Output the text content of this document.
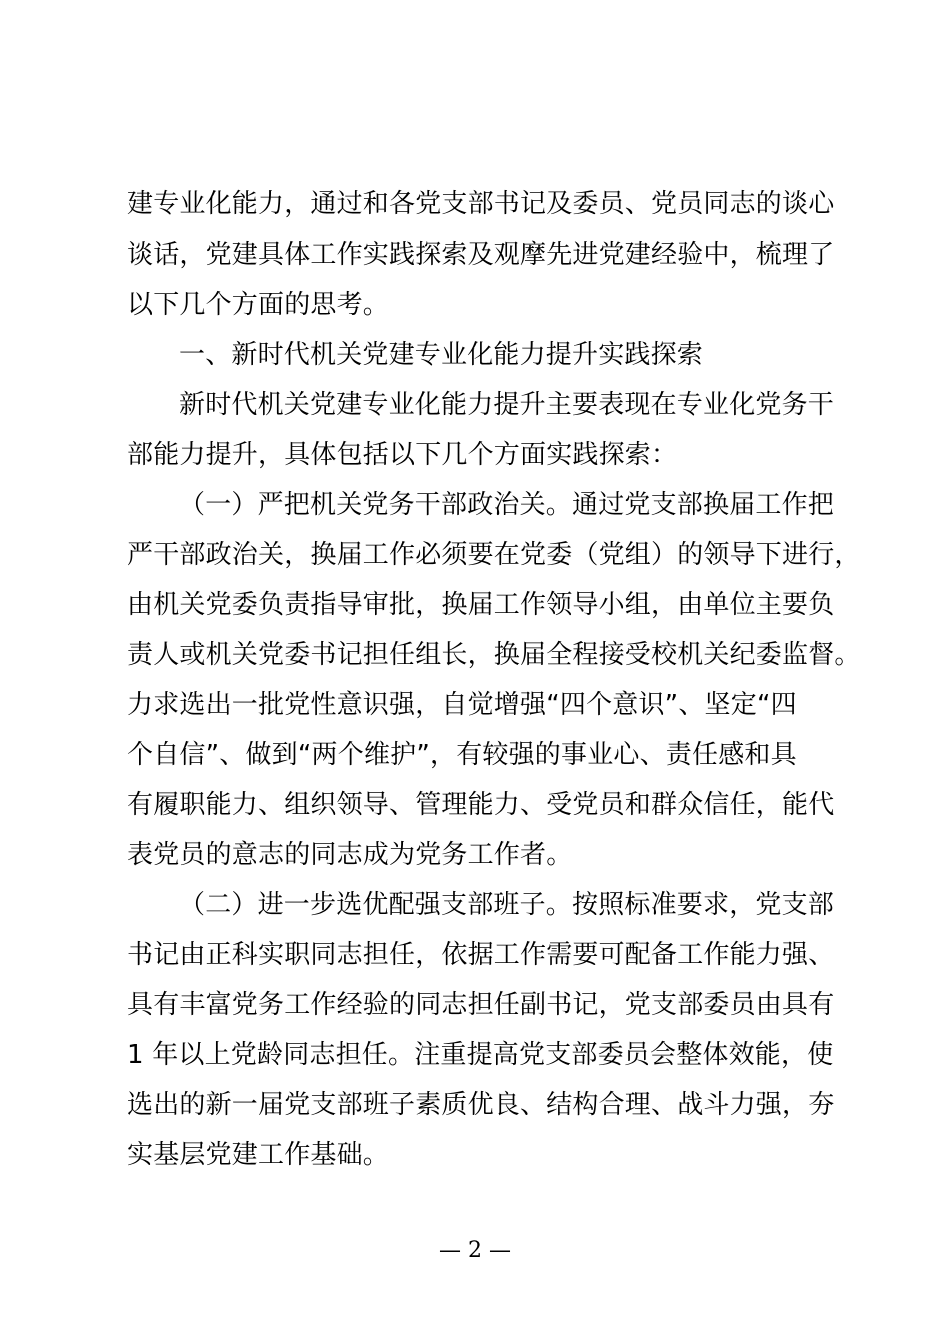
建专业化能力，通过和各党支部书记及委员、党员同志的谈心
谈话，党建具体工作实践探索及观摩先进党建经验中，梳理了
以下几个方面的思考。
一、新时代机关党建专业化能力提升实践探索
新时代机关党建专业化能力提升主要表现在专业化党务干
部能力提升，具体包括以下几个方面实践探索：
（一）严把机关党务干部政治关。通过党支部换届工作把
严干部政治关，换届工作必须要在党委（党组）的领导下进行，
由机关党委负责指导审批，换届工作领导小组，由单位主要负
责人或机关党委书记担任组长，换届全程接受校机关纪委监督。
力求选出一批党性意识强，自觉增强“四个意识”、坚定“四
个自信”、做到“两个维护”，有较强的事业心、责任感和具
有履职能力、组织领导、管理能力、受党员和群众信任，能代
表党员的意志的同志成为党务工作者。
（二）进一步选优配强支部班子。按照标准要求，党支部
书记由正科实职同志担任，依据工作需要可配备工作能力强、
具有丰富党务工作经验的同志担任副书记，党支部委员由具有
1 年以上党龄同志担任。注重提高党支部委员会整体效能，使
选出的新一届党支部班子素质优良、结构合理、战斗力强，夯
实基层党建工作基础。
— 2 —
